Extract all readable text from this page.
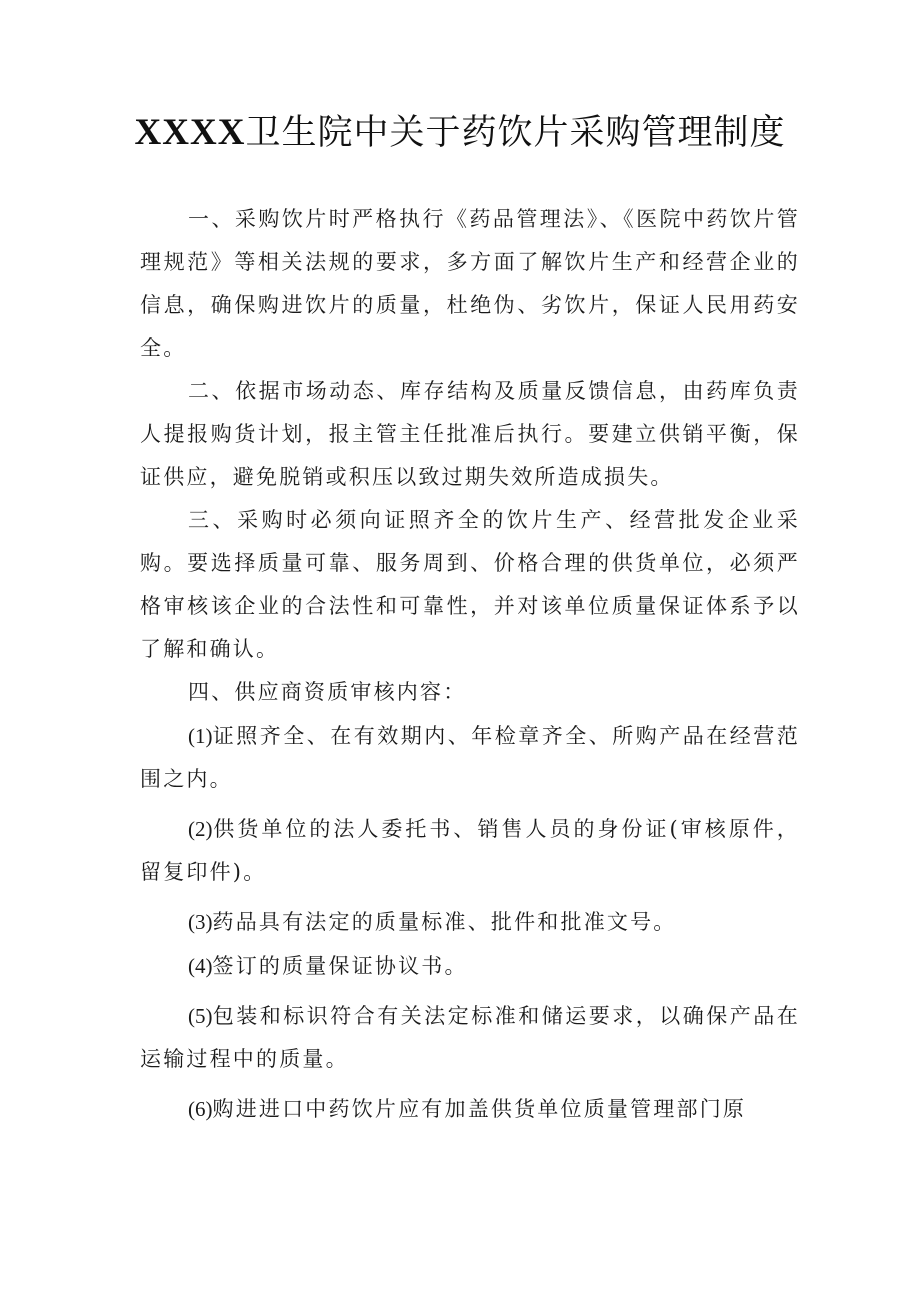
XXXX卫生院中关于药饮片采购管理制度

一、采购饮片时严格执行《药品管理法》、《医院中药饮片管理规范》等相关法规的要求，多方面了解饮片生产和经营企业的信息，确保购进饮片的质量，杜绝伪、劣饮片，保证人民用药安全。

二、依据市场动态、库存结构及质量反馈信息，由药库负责人提报购货计划，报主管主任批准后执行。要建立供销平衡，保证供应，避免脱销或积压以致过期失效所造成损失。

三、采购时必须向证照齐全的饮片生产、经营批发企业采购。要选择质量可靠、服务周到、价格合理的供货单位，必须严格审核该企业的合法性和可靠性，并对该单位质量保证体系予以了解和确认。

四、供应商资质审核内容：

(1)证照齐全、在有效期内、年检章齐全、所购产品在经营范围之内。

(2)供货单位的法人委托书、销售人员的身份证(审核原件，留复印件)。

(3)药品具有法定的质量标准、批件和批准文号。

(4)签订的质量保证协议书。

(5)包装和标识符合有关法定标准和储运要求，以确保产品在运输过程中的质量。

(6)购进进口中药饮片应有加盖供货单位质量管理部门原
